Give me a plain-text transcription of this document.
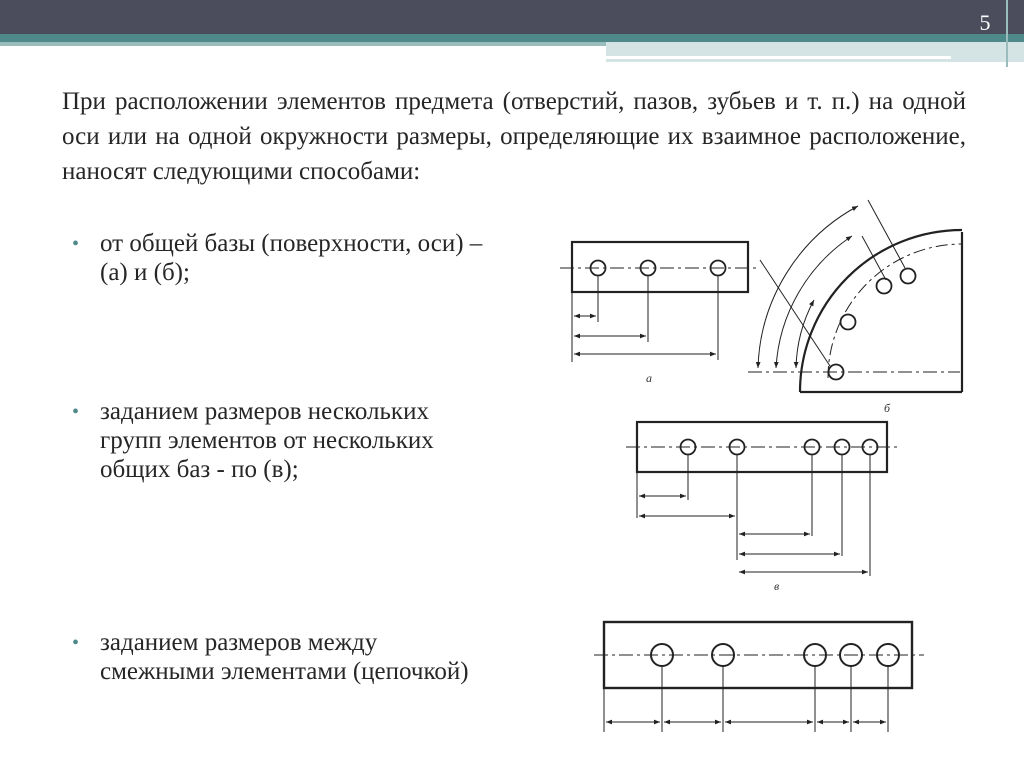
5

При расположении элементов предмета (отверстий, пазов, зубьев и т. п.) на одной оси или на одной окружности размеры, определяющие их взаимное расположение, наносят следующими способами:

• от общей базы (поверхности, оси) – (а) и (б);
• заданием размеров нескольких групп элементов от нескольких общих баз - по (в);
• заданием размеров между смежными элементами (цепочкой)
а
б
в
